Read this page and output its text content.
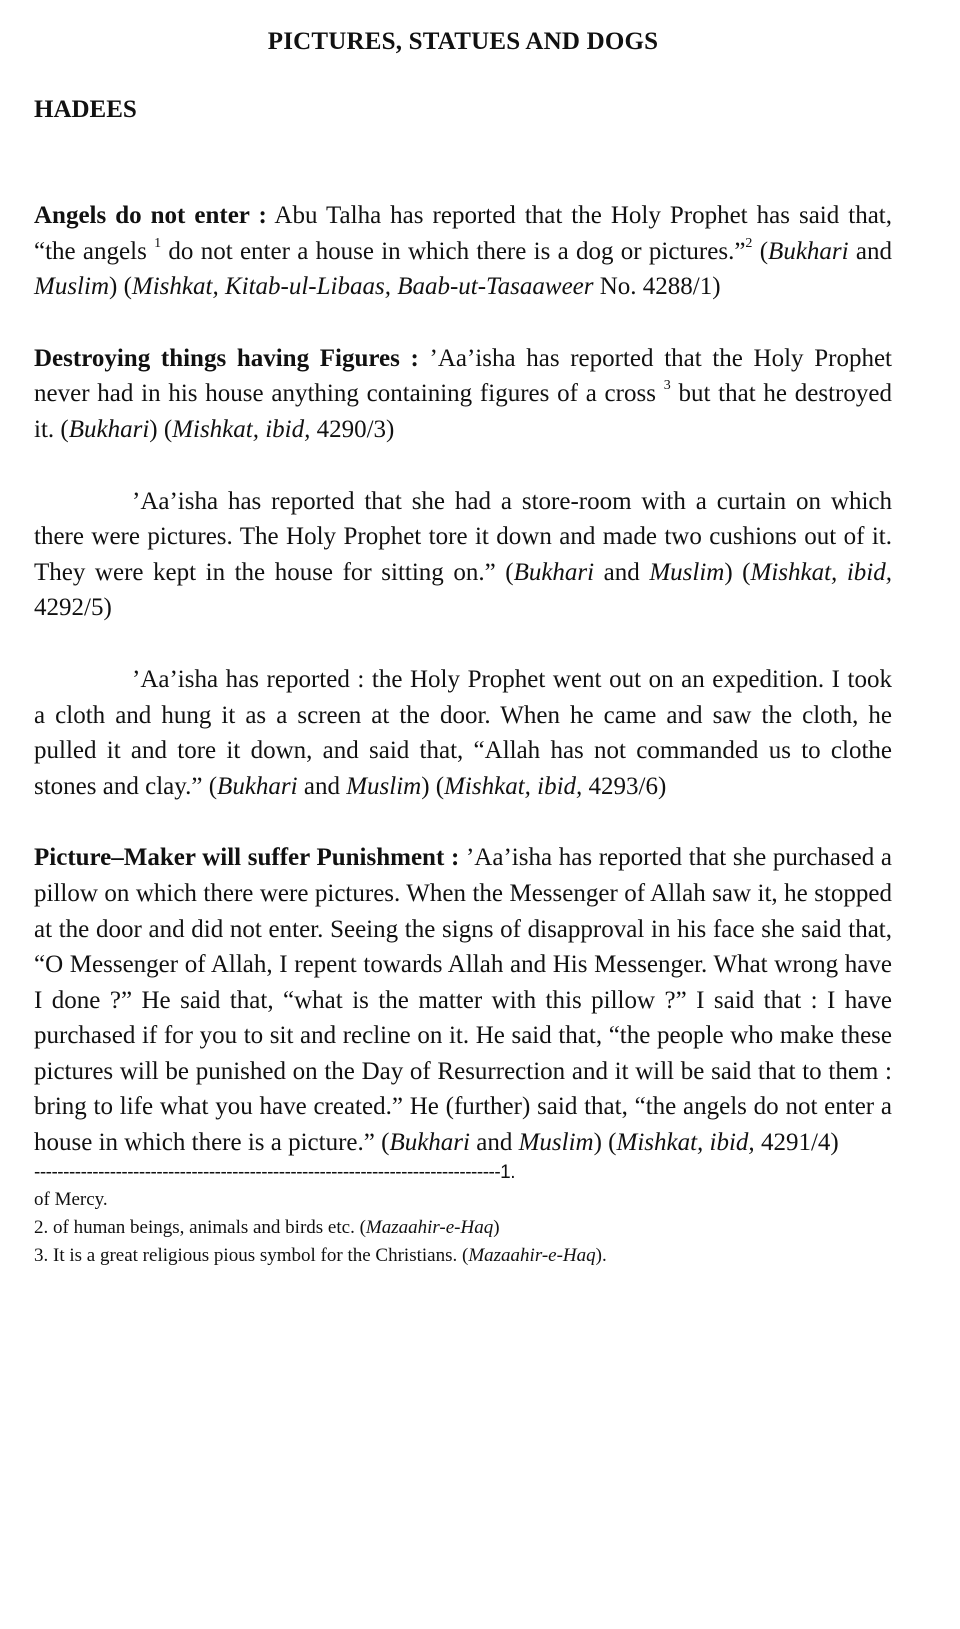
PICTURES, STATUES AND DOGS
HADEES

Angels do not enter : Abu Talha has reported that the Holy Prophet has said that, “the angels $^1$ do not enter a house in which there is a dog or pictures.”$^2$ (Bukhari and Muslim) (Mishkat, Kitab-ul-Libaas, Baab-ut-Tasaaweer No. 4288/1)

Destroying things having Figures : ’Aa’isha has reported that the Holy Prophet never had in his house anything containing figures of a cross $^3$ but that he destroyed it. (Bukhari) (Mishkat, ibid, 4290/3)

’Aa’isha has reported that she had a store-room with a curtain on which there were pictures. The Holy Prophet tore it down and made two cushions out of it. They were kept in the house for sitting on.” (Bukhari and Muslim) (Mishkat, ibid, 4292/5)

’Aa’isha has reported : the Holy Prophet went out on an expedition. I took a cloth and hung it as a screen at the door. When he came and saw the cloth, he pulled it and tore it down, and said that, “Allah has not commanded us to clothe stones and clay.” (Bukhari and Muslim) (Mishkat, ibid, 4293/6)

Picture–Maker will suffer Punishment : ’Aa’isha has reported that she purchased a pillow on which there were pictures. When the Messenger of Allah saw it, he stopped at the door and did not enter. Seeing the signs of disapproval in his face she said that, “O Messenger of Allah, I repent towards Allah and His Messenger. What wrong have I done ?” He said that, “what is the matter with this pillow ?” I said that : I have purchased if for you to sit and recline on it. He said that, “the people who make these pictures will be punished on the Day of Resurrection and it will be said that to them : bring to life what you have created.” He (further) said that, “the angels do not enter a house in which there is a picture.” (Bukhari and Muslim) (Mishkat, ibid, 4291/4)

--------------------------------------------------------------------------------1.

of Mercy.

2. of human beings, animals and birds etc. (Mazaahir-e-Haq)

3. It is a great religious pious symbol for the Christians. (Mazaahir-e-Haq).
